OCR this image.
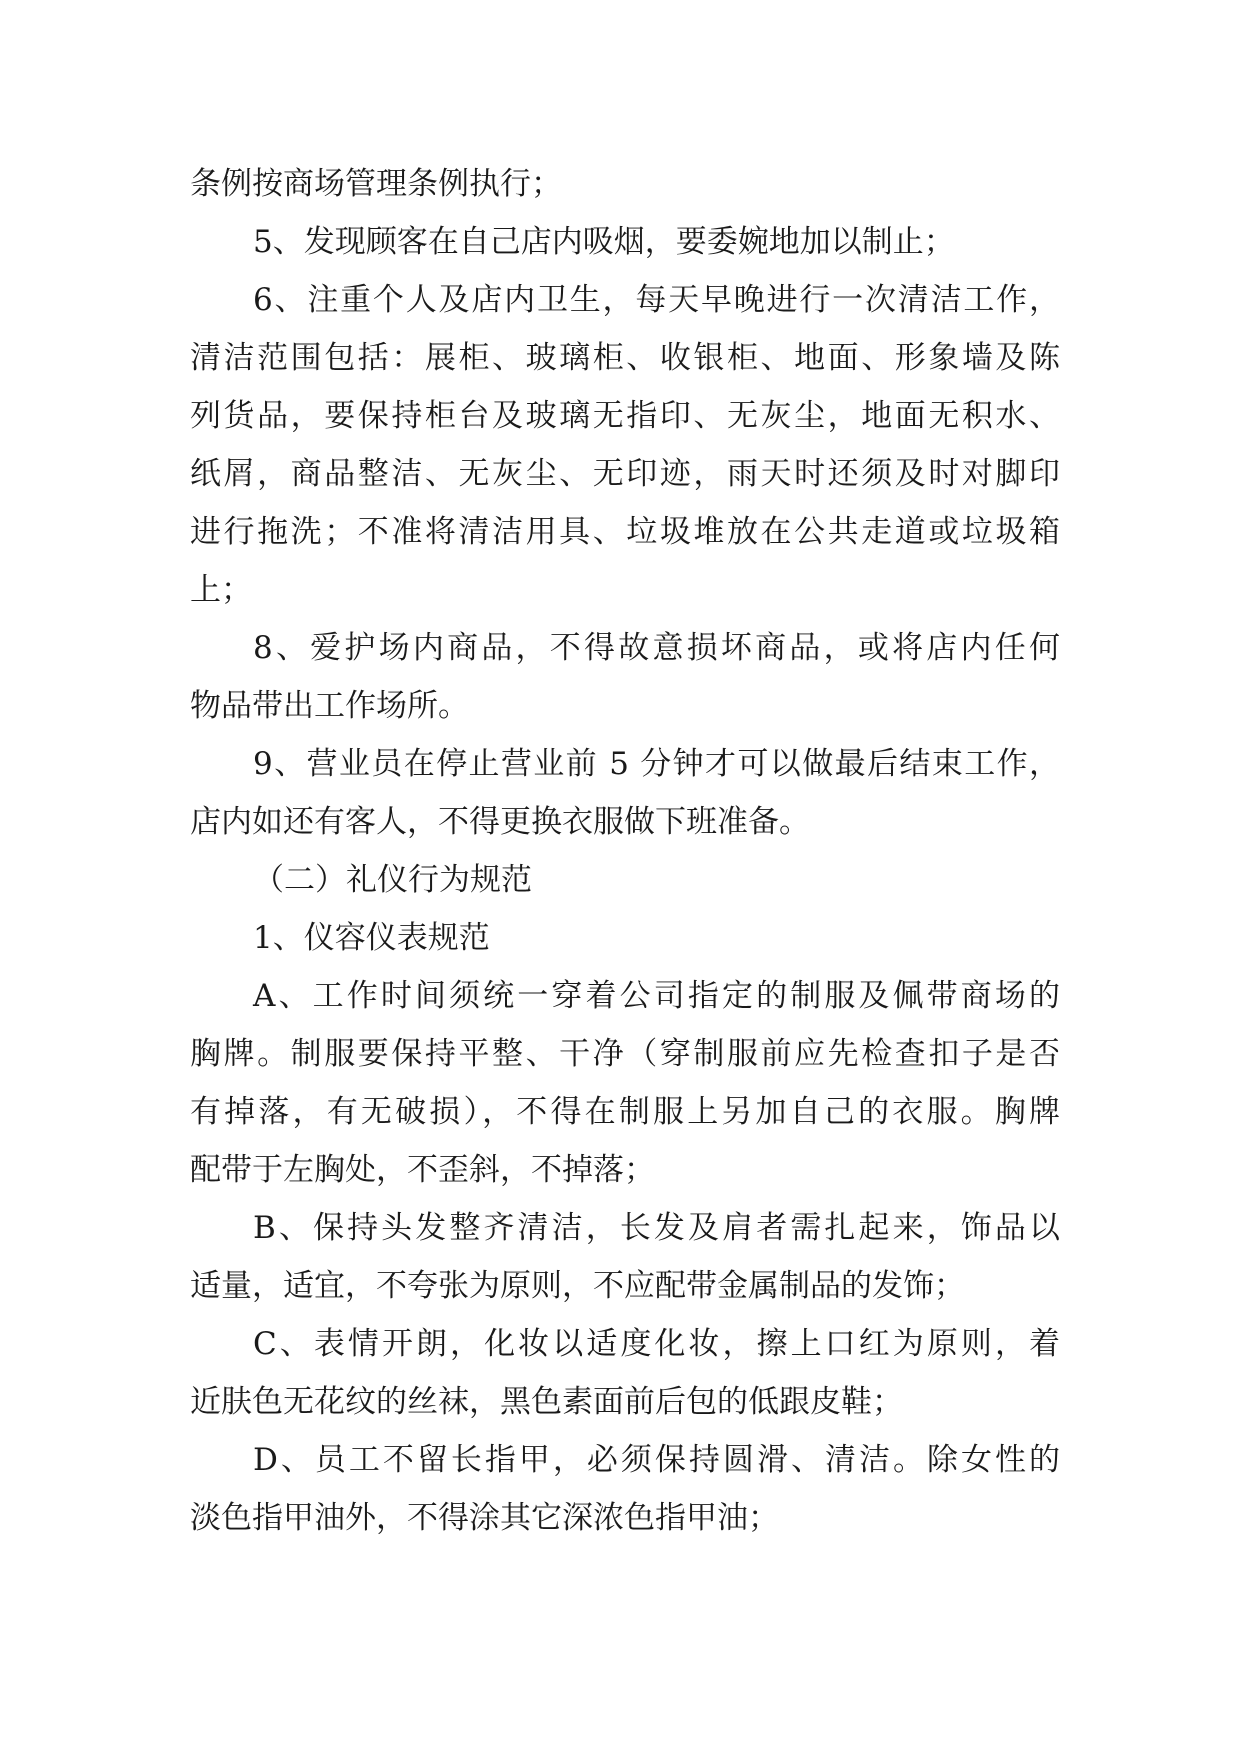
条例按商场管理条例执行；
5、发现顾客在自己店内吸烟，要委婉地加以制止；
6、注重个人及店内卫生，每天早晚进行一次清洁工作，
清洁范围包括：展柜、玻璃柜、收银柜、地面、形象墙及陈
列货品，要保持柜台及玻璃无指印、无灰尘，地面无积水、
纸屑，商品整洁、无灰尘、无印迹，雨天时还须及时对脚印
进行拖洗；不准将清洁用具、垃圾堆放在公共走道或垃圾箱
上；
8、爱护场内商品，不得故意损坏商品，或将店内任何
物品带出工作场所。
9、营业员在停止营业前 5 分钟才可以做最后结束工作，
店内如还有客人，不得更换衣服做下班准备。
（二）礼仪行为规范
1、仪容仪表规范
A、工作时间须统一穿着公司指定的制服及佩带商场的
胸牌。制服要保持平整、干净（穿制服前应先检查扣子是否
有掉落，有无破损），不得在制服上另加自己的衣服。胸牌
配带于左胸处，不歪斜，不掉落；
B、保持头发整齐清洁，长发及肩者需扎起来，饰品以
适量，适宜，不夸张为原则，不应配带金属制品的发饰；
C、表情开朗，化妆以适度化妆，擦上口红为原则，着
近肤色无花纹的丝袜，黑色素面前后包的低跟皮鞋；
D、员工不留长指甲，必须保持圆滑、清洁。除女性的
淡色指甲油外，不得涂其它深浓色指甲油；
